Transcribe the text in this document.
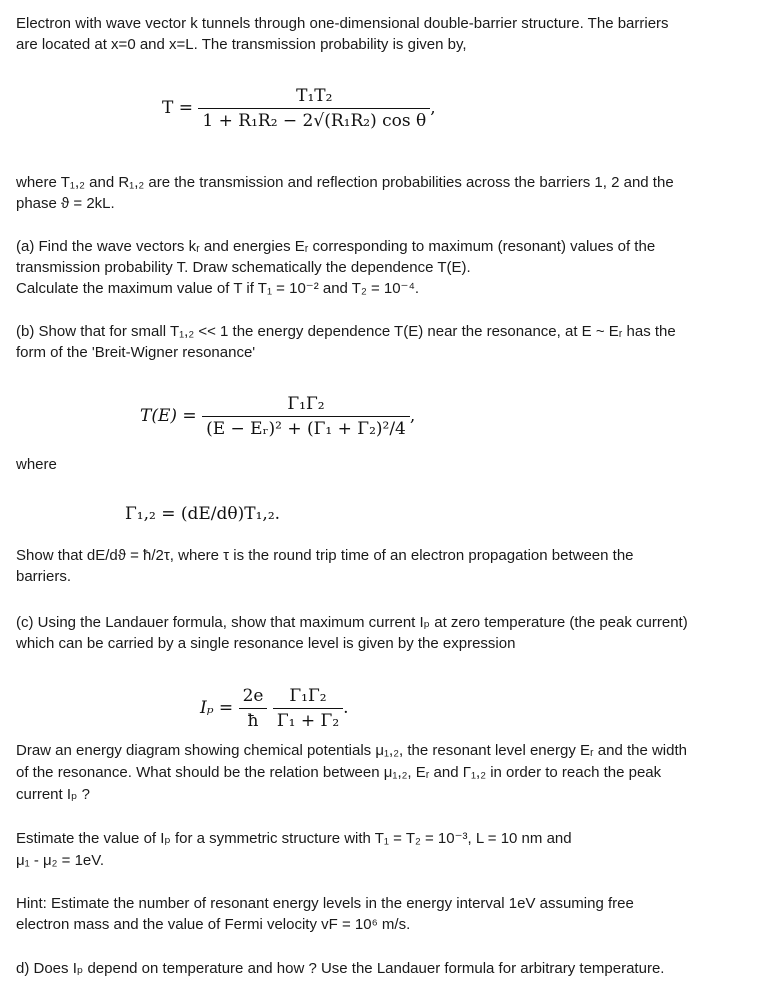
Electron with wave vector k tunnels through one-dimensional double-barrier structure. The barriers
are located at x=0 and x=L. The transmission probability is given by,
$T = \frac{\text{T₁T₂}}{\text{1 + R₁R₂ − 2√(R₁R₂) cos θ}}$ ,
where T₁,₂ and R₁,₂ are the transmission and reflection probabilities across the barriers 1, 2 and the
phase ϑ = 2kL.
(a) Find the wave vectors kᵣ and energies Eᵣ corresponding to maximum (resonant) values of the
transmission probability T. Draw schematically the dependence T(E).
Calculate the maximum value of T if T₁ = 10⁻² and T₂ = 10⁻⁴.
(b) Show that for small T₁,₂ << 1 the energy dependence T(E) near the resonance, at E ~ Eᵣ has the
form of the 'Breit-Wigner resonance'
$T(E) = \frac{\text{Γ₁Γ₂}}{\text{(E − Eᵣ)² + (Γ₁ + Γ₂)²/4}}$ ,
where
Γ₁,₂ = (dE/dθ)T₁,₂.
Show that dE/dϑ = ħ/2τ, where τ is the round trip time of an electron propagation between the
barriers.
(c) Using the Landauer formula, show that maximum current Iₚ at zero temperature (the peak current)
which can be carried by a single resonance level is given by the expression
$I_p = \frac{2e}{ħ}$
$\frac{\text{Γ₁Γ₂}}{\text{Γ₁ + Γ₂}}$ .
Draw an energy diagram showing chemical potentials μ₁,₂, the resonant level energy Eᵣ and the width
of the resonance. What should be the relation between μ₁,₂, Eᵣ and Γ₁,₂ in order to reach the peak
current Iₚ ?
Estimate the value of Iₚ for a symmetric structure with T₁ = T₂ = 10⁻³, L = 10 nm and
μ₁ - μ₂ = 1eV.
Hint: Estimate the number of resonant energy levels in the energy interval 1eV assuming free
electron mass and the value of Fermi velocity vF = 10⁶ m/s.
d) Does Iₚ depend on temperature and how ? Use the Landauer formula for arbitrary temperature.
